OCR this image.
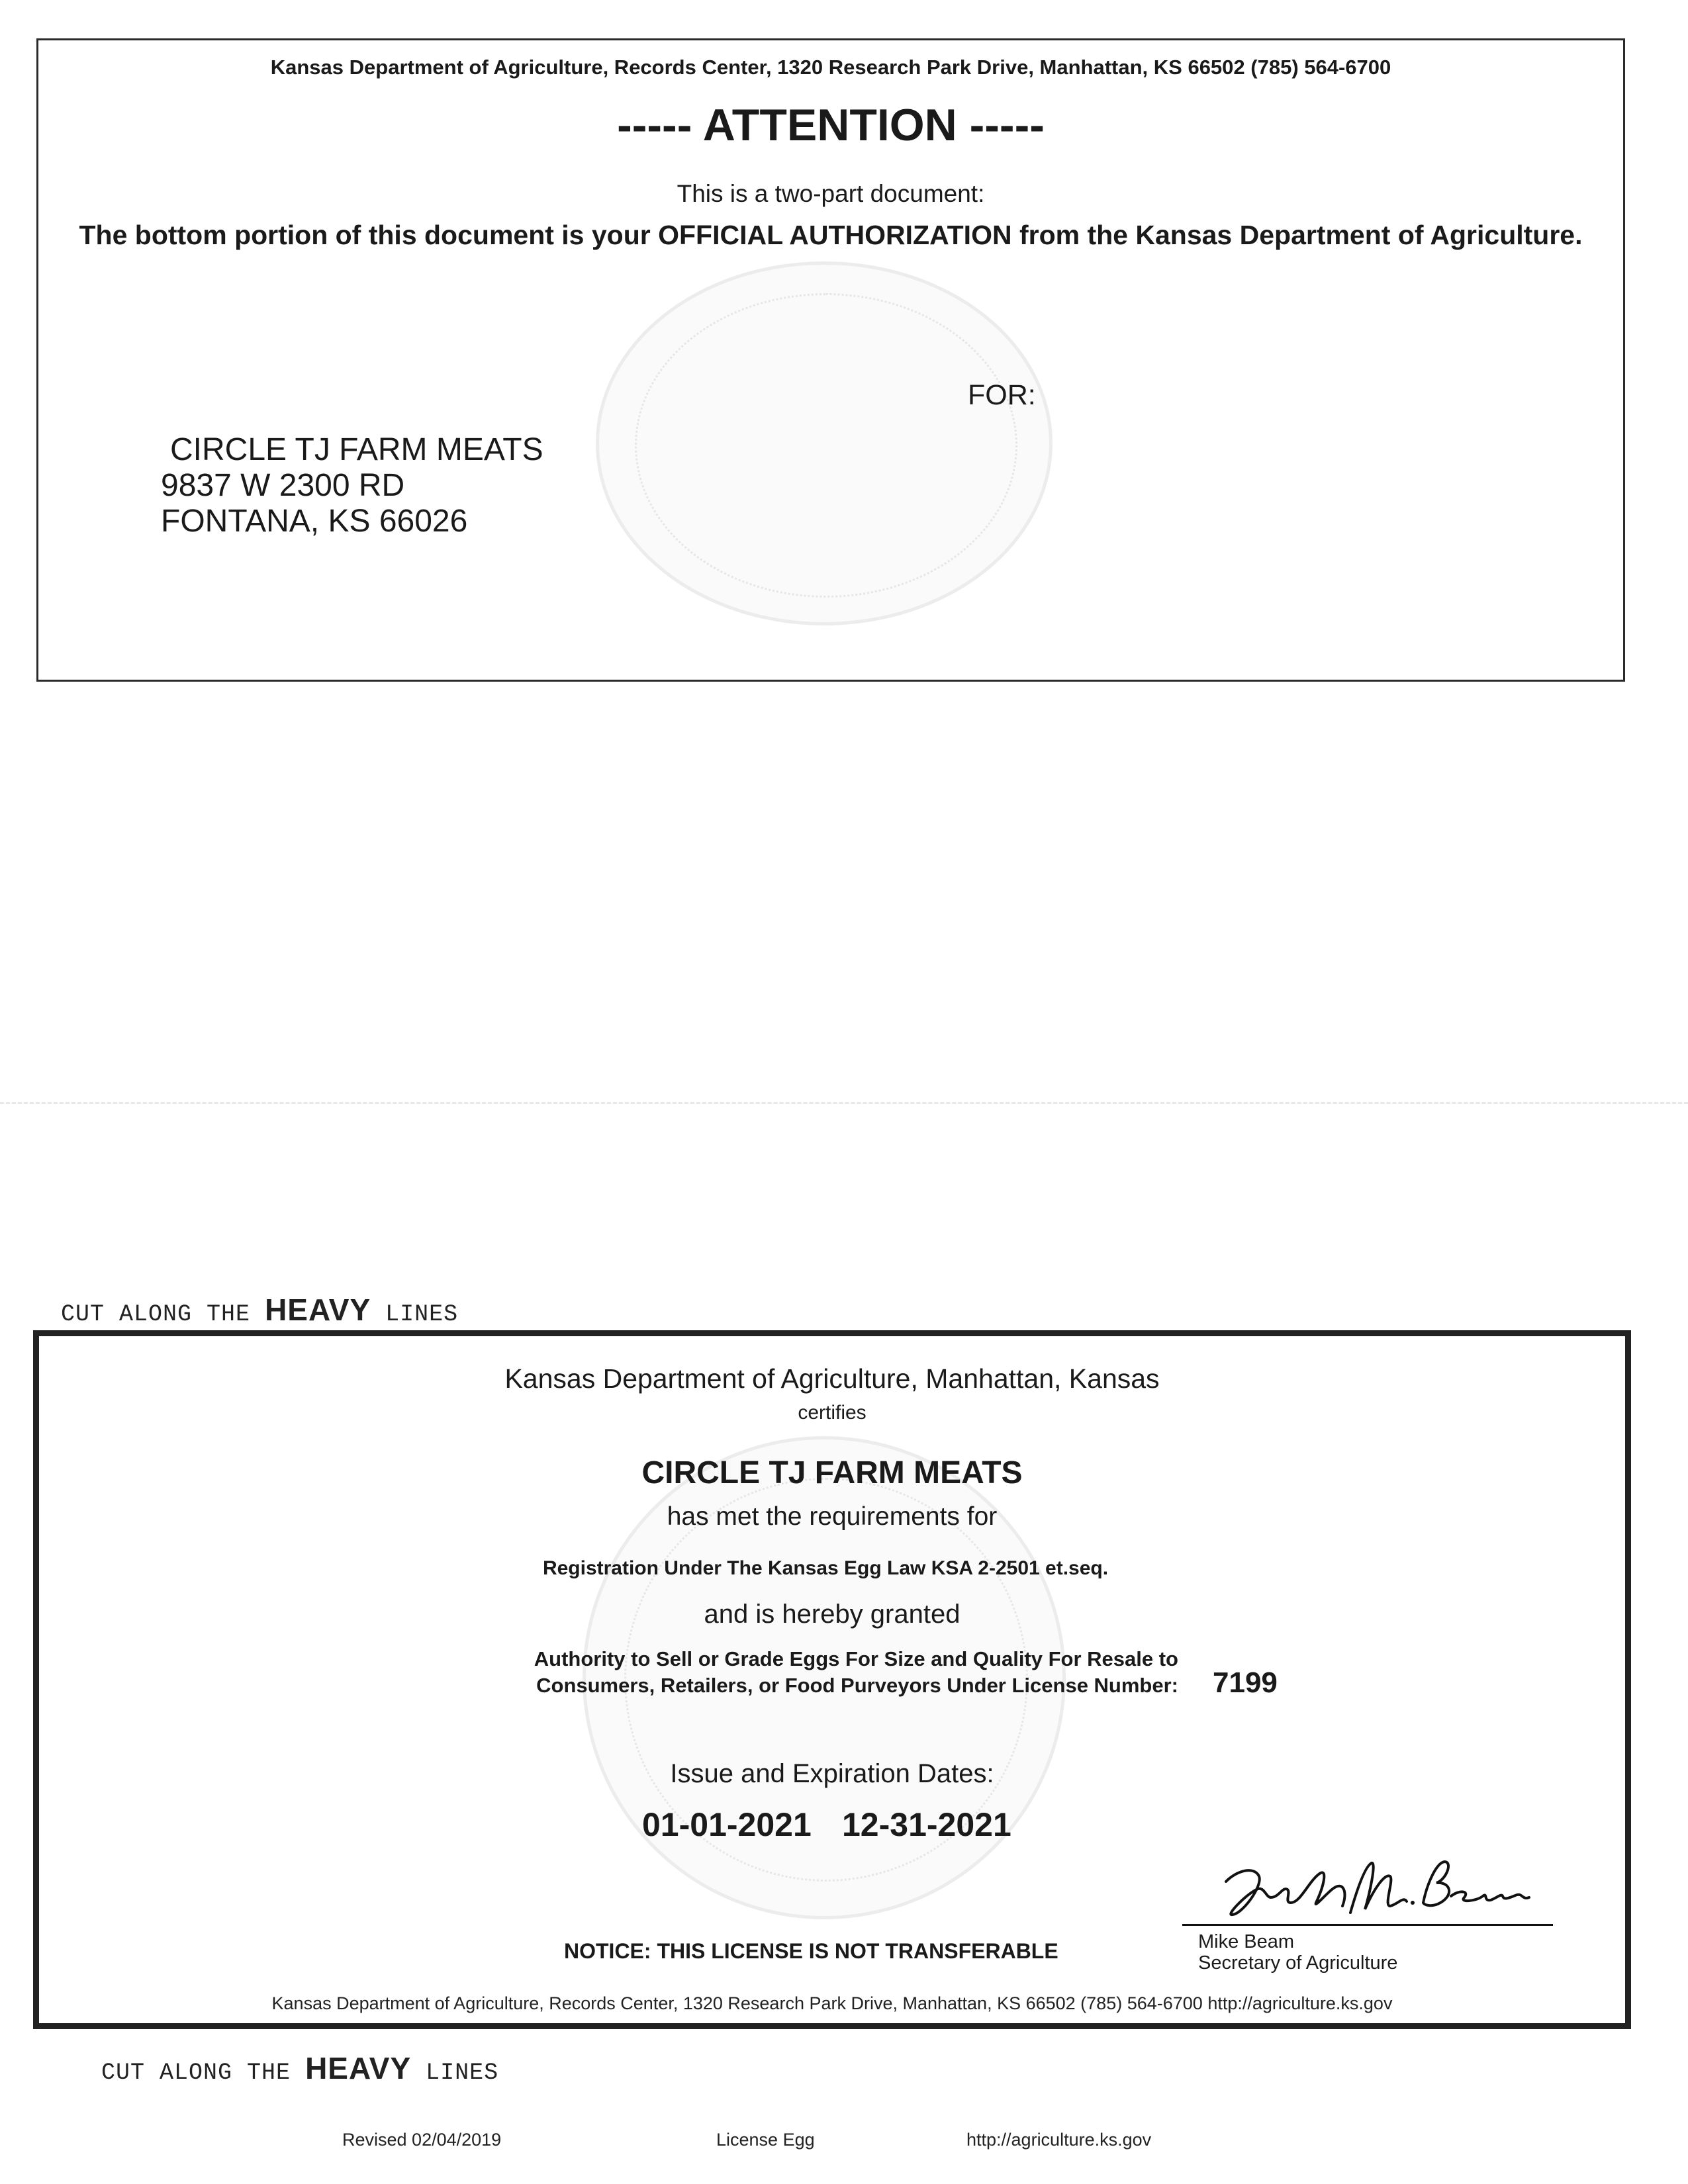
Kansas Department of Agriculture, Records Center, 1320 Research Park Drive, Manhattan, KS 66502 (785) 564-6700
----- ATTENTION -----
This is a two-part document:
The bottom portion of this document is your OFFICIAL AUTHORIZATION from the Kansas Department of Agriculture.
FOR:
CIRCLE TJ FARM MEATS
9837 W 2300 RD
FONTANA, KS 66026
CUT ALONG THE HEAVY LINES
Kansas Department of Agriculture, Manhattan, Kansas
certifies
CIRCLE TJ FARM MEATS
has met the requirements for
Registration Under The Kansas Egg Law KSA 2-2501 et.seq.
and is hereby granted
Authority to Sell or Grade Eggs For Size and Quality For Resale to
Consumers, Retailers, or Food Purveyors Under License Number: 7199
Issue and Expiration Dates:
01-01-2021 12-31-2021
NOTICE: THIS LICENSE IS NOT TRANSFERABLE	Mike Beam
Secretary of Agriculture
Kansas Department of Agriculture, Records Center, 1320 Research Park Drive, Manhattan, KS 66502 (785) 564-6700 http://agriculture.ks.gov
CUT ALONG THE HEAVY LINES
Revised 02/04/2019	License Egg	http://agriculture.ks.gov
